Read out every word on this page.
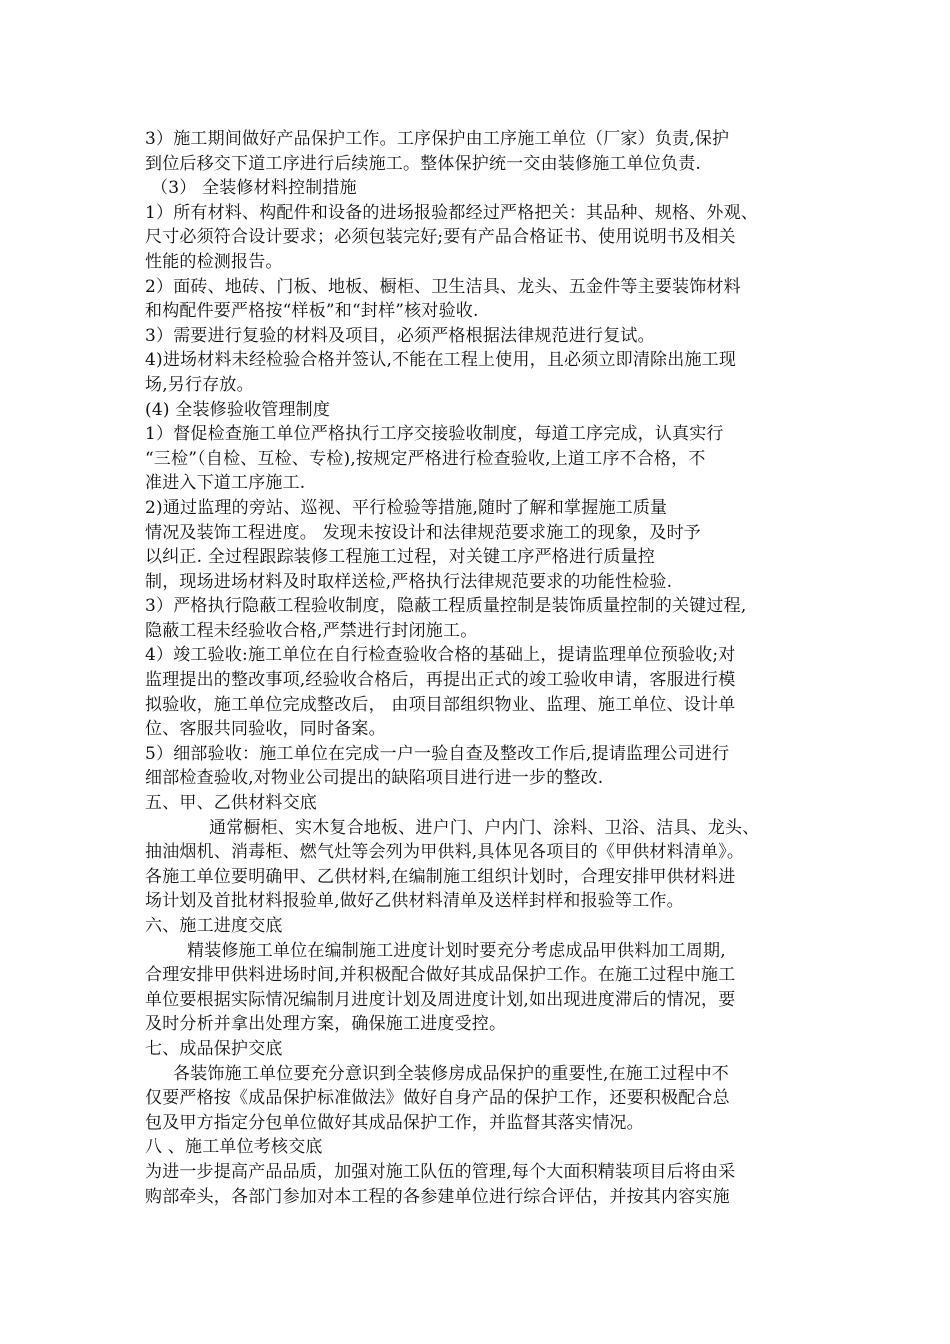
3）施工期间做好产品保护工作。工序保护由工序施工单位（厂家）负责,保护
到位后移交下道工序进行后续施工。整体保护统一交由装修施工单位负责.
（3） 全装修材料控制措施
1）所有材料、构配件和设备的进场报验都经过严格把关：其品种、规格、外观、
尺寸必须符合设计要求；必须包装完好;要有产品合格证书、使用说明书及相关
性能的检测报告。
2）面砖、地砖、门板、地板、橱柜、卫生洁具、龙头、五金件等主要装饰材料
和构配件要严格按“样板”和“封样”核对验收.
3）需要进行复验的材料及项目，必须严格根据法律规范进行复试。
4)进场材料未经检验合格并签认,不能在工程上使用，且必须立即清除出施工现
场,另行存放。
(4) 全装修验收管理制度
1）督促检查施工单位严格执行工序交接验收制度，每道工序完成，认真实行
“三检”（自检、互检、专检),按规定严格进行检查验收,上道工序不合格，不
准进入下道工序施工.
2)通过监理的旁站、巡视、平行检验等措施,随时了解和掌握施工质量
情况及装饰工程进度。 发现未按设计和法律规范要求施工的现象，及时予
以纠正. 全过程跟踪装修工程施工过程，对关键工序严格进行质量控
制，现场进场材料及时取样送检,严格执行法律规范要求的功能性检验.
3）严格执行隐蔽工程验收制度，隐蔽工程质量控制是装饰质量控制的关键过程,
隐蔽工程未经验收合格,严禁进行封闭施工。
4）竣工验收:施工单位在自行检查验收合格的基础上，提请监理单位预验收;对
监理提出的整改事项,经验收合格后，再提出正式的竣工验收申请，客服进行模
拟验收，施工单位完成整改后， 由项目部组织物业、监理、施工单位、设计单
位、客服共同验收，同时备案。
5）细部验收：施工单位在完成一户一验自查及整改工作后,提请监理公司进行
细部检查验收,对物业公司提出的缺陷项目进行进一步的整改.
五、甲、乙供材料交底
通常橱柜、实木复合地板、进户门、户内门、涂料、卫浴、洁具、龙头、
抽油烟机、消毒柜、燃气灶等会列为甲供料,具体见各项目的《甲供材料清单》。
各施工单位要明确甲、乙供材料,在编制施工组织计划时，合理安排甲供材料进
场计划及首批材料报验单,做好乙供材料清单及送样封样和报验等工作。
六、施工进度交底
精装修施工单位在编制施工进度计划时要充分考虑成品甲供料加工周期,
合理安排甲供料进场时间,并积极配合做好其成品保护工作。在施工过程中施工
单位要根据实际情况编制月进度计划及周进度计划,如出现进度滞后的情况，要
及时分析并拿出处理方案，确保施工进度受控。
七、成品保护交底
各装饰施工单位要充分意识到全装修房成品保护的重要性,在施工过程中不
仅要严格按《成品保护标准做法》做好自身产品的保护工作，还要积极配合总
包及甲方指定分包单位做好其成品保护工作，并监督其落实情况。
八 、施工单位考核交底
为进一步提高产品品质，加强对施工队伍的管理,每个大面积精装项目后将由采
购部牵头，各部门参加对本工程的各参建单位进行综合评估，并按其内容实施
